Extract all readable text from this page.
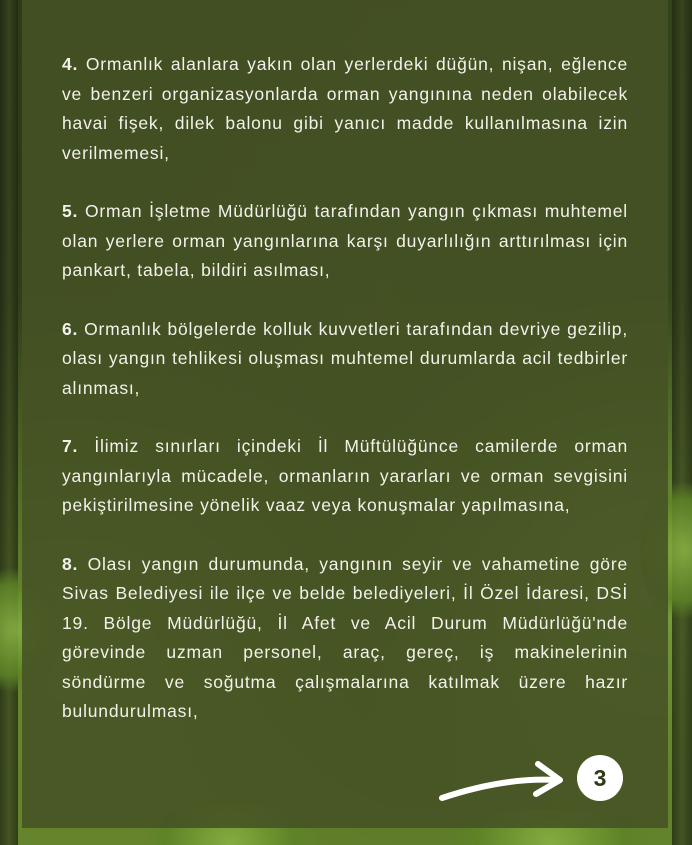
4. Ormanlık alanlara yakın olan yerlerdeki düğün, nişan, eğlence ve benzeri organizasyonlarda orman yangınına neden olabilecek havai fişek, dilek balonu gibi yanıcı madde kullanılmasına izin verilmemesi,

5. Orman İşletme Müdürlüğü tarafından yangın çıkması muhtemel olan yerlere orman yangınlarına karşı duyarlılığın arttırılması için pankart, tabela, bildiri asılması,

6. Ormanlık bölgelerde kolluk kuvvetleri tarafından devriye gezilip, olası yangın tehlikesi oluşması muhtemel durumlarda acil tedbirler alınması,

7. İlimiz sınırları içindeki İl Müftülüğünce camilerde orman yangınlarıyla mücadele, ormanların yararları ve orman sevgisini pekiştirilmesine yönelik vaaz veya konuşmalar yapılmasına,

8. Olası yangın durumunda, yangının seyir ve vahametine göre Sivas Belediyesi ile ilçe ve belde belediyeleri, İl Özel İdaresi, DSİ 19. Bölge Müdürlüğü, İl Afet ve Acil Durum Müdürlüğü'nde görevinde uzman personel, araç, gereç, iş makinelerinin söndürme ve soğutma çalışmalarına katılmak üzere hazır bulundurulması,

3
